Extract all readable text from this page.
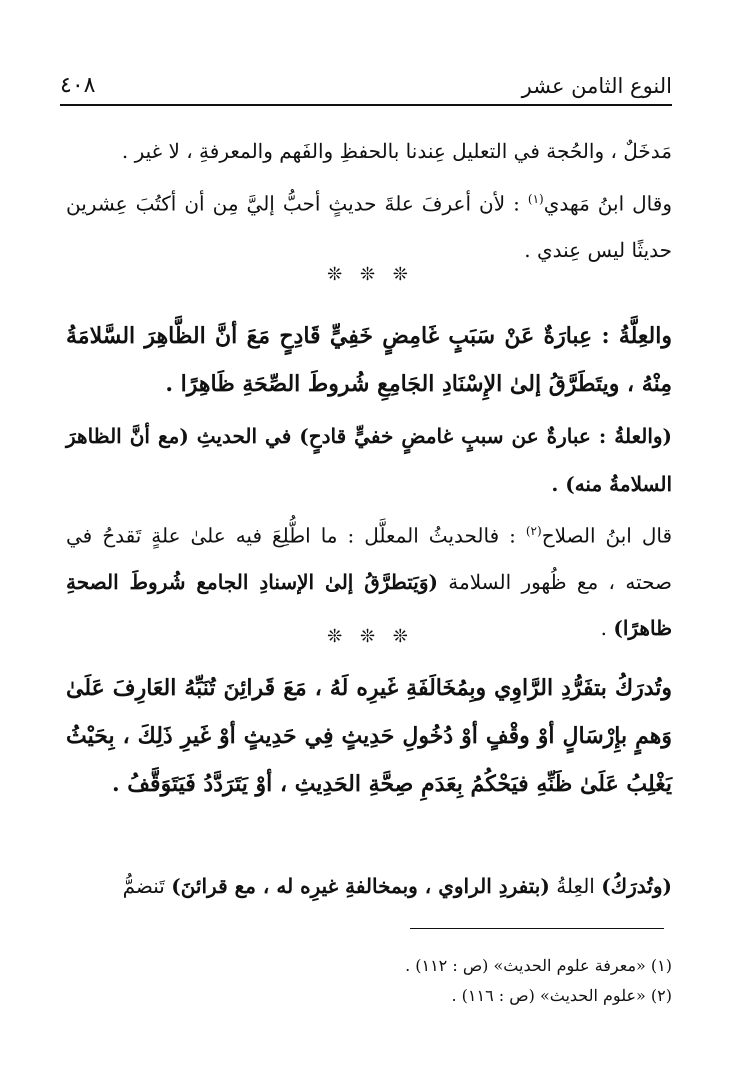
النوع الثامن عشر
٤٠٨
مَدخَلٌ ، والحُجة في التعليل عِندنا بالحفظِ والفَهم والمعرفةِ ، لا غير .
وقال ابنُ مَهدي$^{(١)}$ : لأن أعرفَ علةَ حديثٍ أحبُّ إليَّ مِن أن أكتُبَ عِشرين حديثًا ليس عِندي .
❊ ❊ ❊
والعِلَّةُ : عِبارَةٌ عَنْ سَبَبٍ غَامِضٍ خَفِيٍّ قَادِحٍ مَعَ أنَّ الظَّاهِرَ السَّلامَةُ مِنْهُ ، ويتَطَرَّقُ إلىٰ الإِسْنَادِ الجَامِعِ شُروطَ الصِّحَةِ ظَاهِرًا .
(والعلةُ : عبارةٌ عن سببٍ غامضٍ خفيٍّ قادحٍ) في الحديثِ (مع أنَّ الظاهرَ السلامةُ منه) .
قال ابنُ الصلاح$^{(٢)}$ : فالحديثُ المعلَّل : ما اطُّلِعَ فيه علىٰ علةٍ تَقدحُ في صحته ، مع ظُهور السلامة (وَيَتطرَّقُ إلىٰ الإسنادِ الجامع شُروطَ الصحةِ ظاهرًا) .
❊ ❊ ❊
وتُدرَكُ بتفَرُّدِ الرَّاوِي وبِمُخَالَفَةِ غَيرِه لَهُ ، مَعَ قَرائِنَ تُنَبِّهُ العَارِفَ عَلَىٰ وَهمٍ بإِرْسَالٍ أوْ وقْفٍ أوْ دُخُولِ حَدِيثٍ فِي حَدِيثٍ أوْ غَيرِ ذَلِكَ ، بِحَيْثُ يَغْلِبُ عَلَىٰ ظَنِّهِ فيَحْكُمُ بِعَدَمِ صِحَّةِ الحَدِيثِ ، أوْ يَتَرَدَّدُ فَيَتَوَقَّفُ .
(وتُدرَكُ) العِلةُ (بتفردِ الراوي ، وبمخالفةِ غيرِه له ، مع قرائنَ) تَنضمُّ
(١) «معرفة علوم الحديث» (ص : ١١٢) .
(٢) «علوم الحديث» (ص : ١١٦) .
